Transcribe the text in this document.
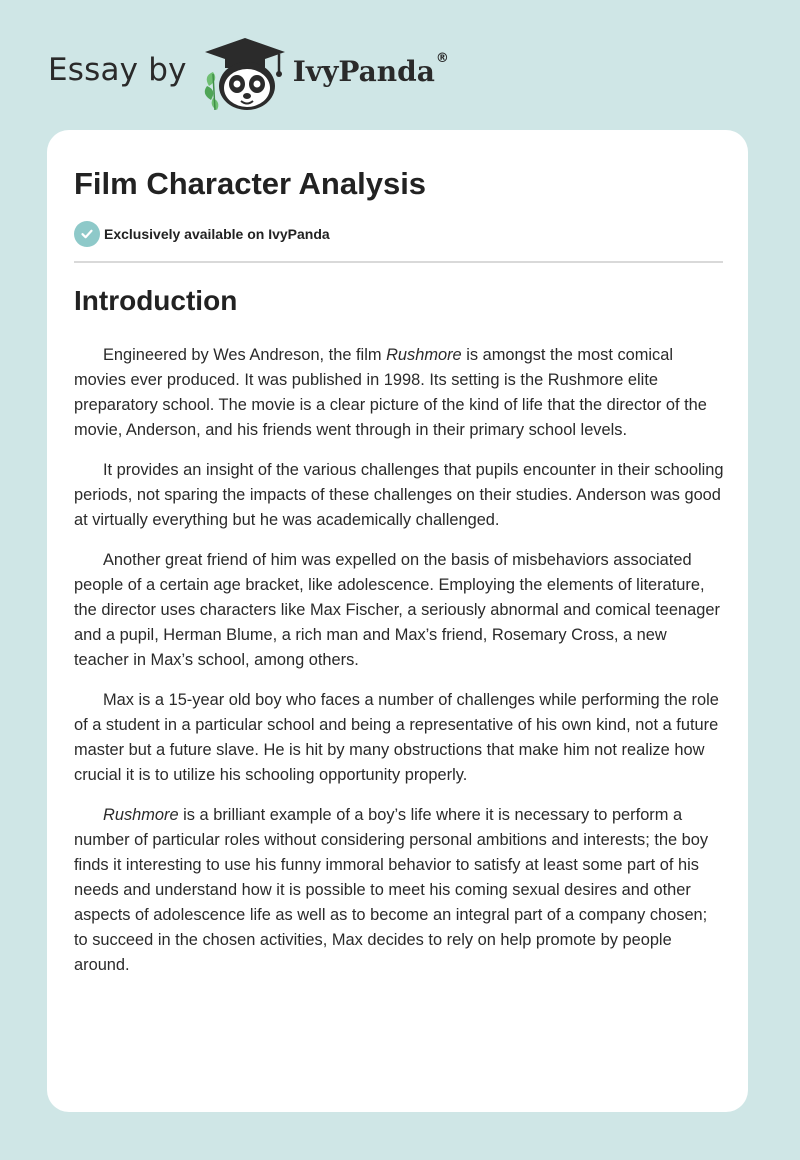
Essay by	IvyPanda®
Film Character Analysis
Exclusively available on IvyPanda
Introduction

Engineered by Wes Andreson, the film Rushmore is amongst the most comical movies ever produced. It was published in 1998. Its setting is the Rushmore elite preparatory school. The movie is a clear picture of the kind of life that the director of the movie, Anderson, and his friends went through in their primary school levels.

It provides an insight of the various challenges that pupils encounter in their schooling periods, not sparing the impacts of these challenges on their studies. Anderson was good at virtually everything but he was academically challenged.

Another great friend of him was expelled on the basis of misbehaviors associated people of a certain age bracket, like adolescence. Employing the elements of literature, the director uses characters like Max Fischer, a seriously abnormal and comical teenager and a pupil, Herman Blume, a rich man and Max’s friend, Rosemary Cross, a new teacher in Max’s school, among others.

Max is a 15-year old boy who faces a number of challenges while performing the role of a student in a particular school and being a representative of his own kind, not a future master but a future slave. He is hit by many obstructions that make him not realize how crucial it is to utilize his schooling opportunity properly.

Rushmore is a brilliant example of a boy’s life where it is necessary to perform a number of particular roles without considering personal ambitions and interests; the boy finds it interesting to use his funny immoral behavior to satisfy at least some part of his needs and understand how it is possible to meet his coming sexual desires and other aspects of adolescence life as well as to become an integral part of a company chosen; to succeed in the chosen activities, Max decides to rely on help promote by people around.
